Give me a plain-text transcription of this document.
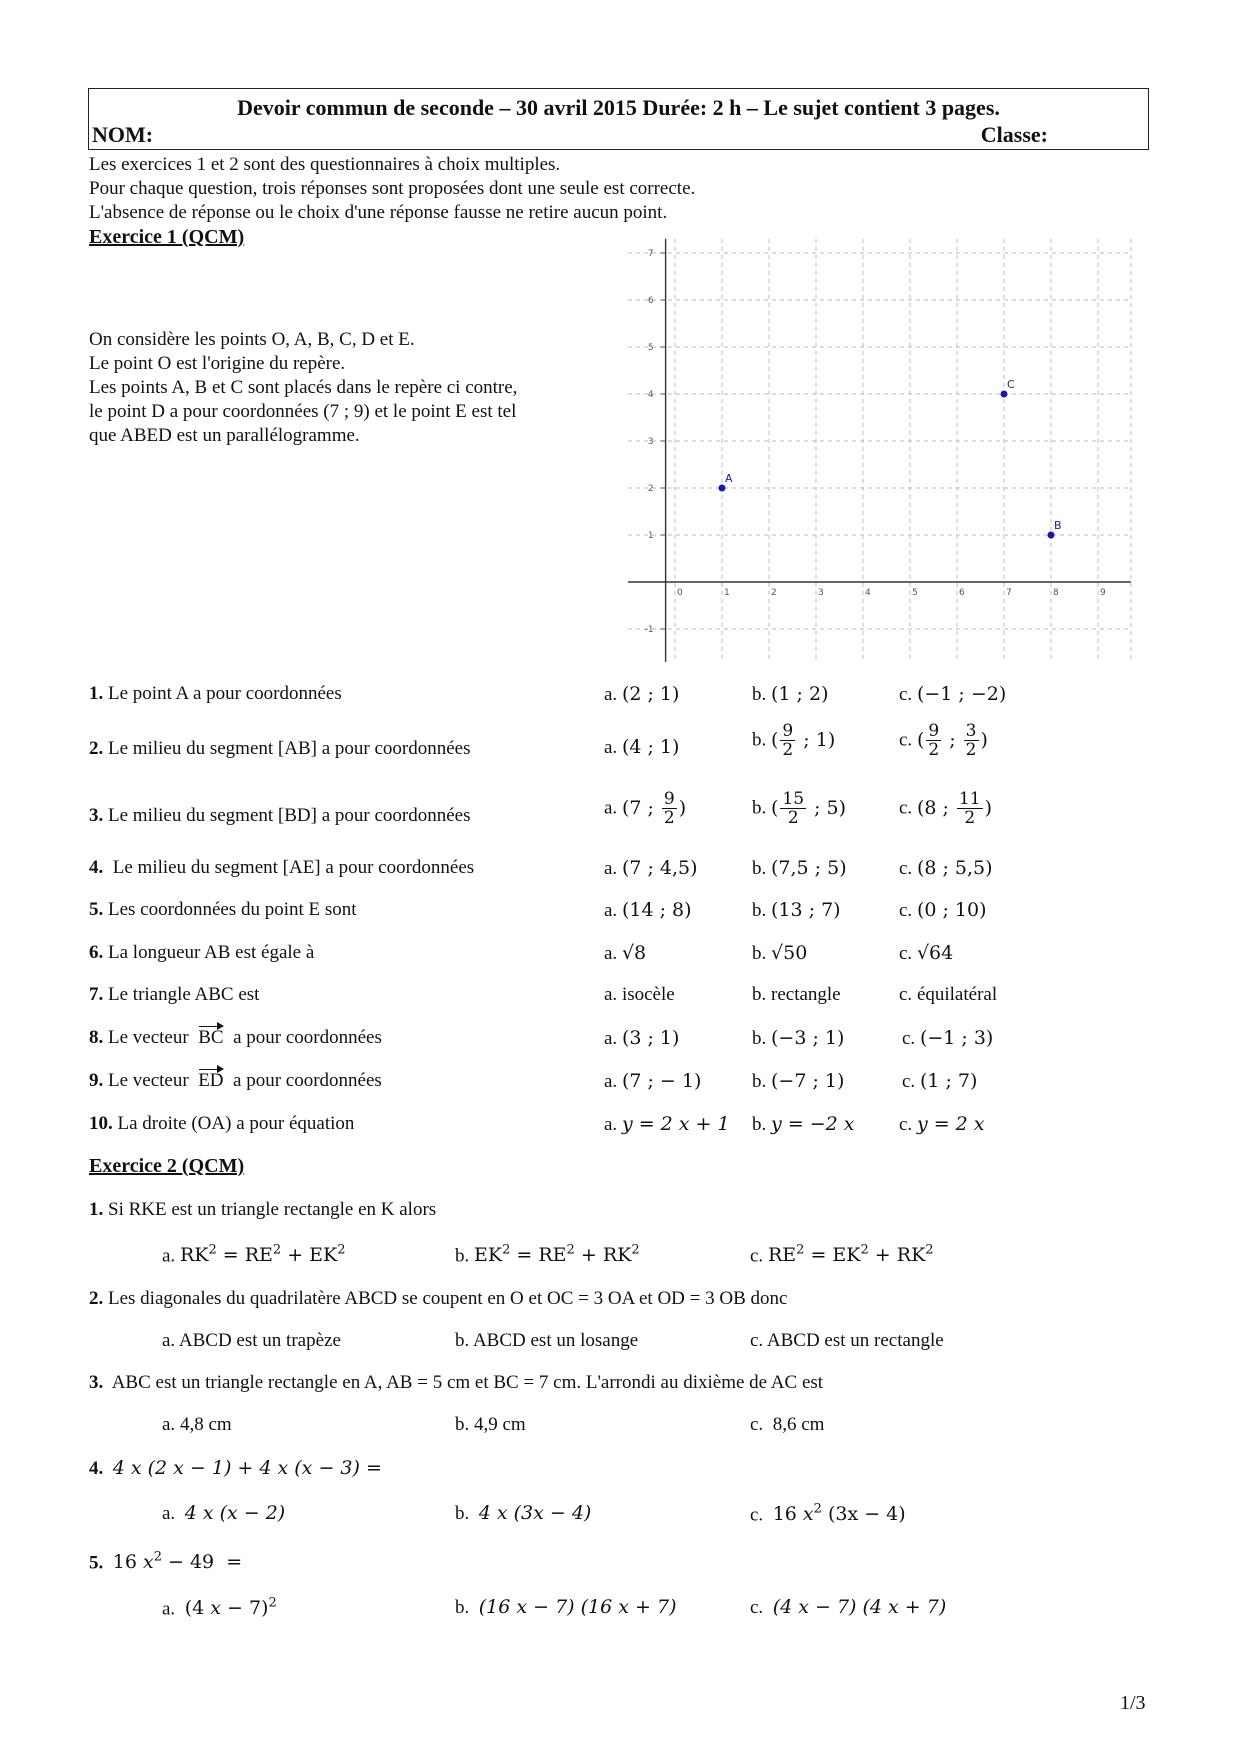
Devoir commun de seconde – 30 avril 2015 Durée: 2 h – Le sujet contient 3 pages.
NOM:	Classe:
Les exercices 1 et 2 sont des questionnaires à choix multiples.
Pour chaque question, trois réponses sont proposées dont une seule est correcte.
L'absence de réponse ou le choix d'une réponse fausse ne retire aucun point.
Exercice 1 (QCM)
On considère les points O, A, B, C, D et E.
Le point O est l'origine du repère.
Les points A, B et C sont placés dans le repère ci contre,
le point D a pour coordonnées (7 ; 9) et le point E est tel
que ABED est un parallélogramme.
0	1	2	3	4	5	6	7	8	9
-1
1
2
3
4
5
6
7
A
B
C
1. Le point A a pour coordonnées	a. (2 ; 1)	b. (1 ; 2)	c. (−1 ; −2)
2. Le milieu du segment [AB] a pour coordonnées	a. (4 ; 1)	b. ( $\frac{9}{2}$ ; 1)	c. ( $\frac{9}{2}$ ; $\frac{3}{2}$ )
3. Le milieu du segment [BD] a pour coordonnées	a. (7 ; $\frac{9}{2}$ )	b. ( $\frac{15}{2}$ ; 5)	c. (8 ; $\frac{11}{2}$ )
4. Le milieu du segment [AE] a pour coordonnées	a. (7 ; 4,5)	b. (7,5 ; 5)	c. (8 ; 5,5)
5. Les coordonnées du point E sont	a. (14 ; 8)	b. (13 ; 7)	c. (0 ; 10)
6. La longueur AB est égale à	a. √8	b. √50	c. √64
7. Le triangle ABC est	a. isocèle	b. rectangle	c. équilatéral
8. Le vecteur BC a pour coordonnées	a. (3 ; 1)	b. (−3 ; 1)	c. (−1 ; 3)
9. Le vecteur ED a pour coordonnées	a. (7 ; − 1)	b. (−7 ; 1)	c. (1 ; 7)
10. La droite (OA) a pour équation	a. y = 2 x + 1 b. y = −2 x c. y = 2 x
Exercice 2 (QCM)
1. Si RKE est un triangle rectangle en K alors
a. $RK^2 = RE^2 + EK^2$	b. $EK^2 = RE^2 + RK^2$	c. $RE^2 = EK^2 + RK^2$
2. Les diagonales du quadrilatère ABCD se coupent en O et OC = 3 OA et OD = 3 OB donc
a. ABCD est un trapèze	b. ABCD est un losange	c. ABCD est un rectangle
3. ABC est un triangle rectangle en A, AB = 5 cm et BC = 7 cm. L'arrondi au dixième de AC est
a. 4,8 cm	b. 4,9 cm	c. 8,6 cm
4. 4 x (2 x − 1) + 4 x (x − 3) =
a. 4 x (x − 2)	b. 4 x (3x − 4)	c. 16 $x^2$ (3x − 4)
5. 16 $x^2 - 49$  =
a. (4 x − 7)$^2$	b. (16 x − 7) (16 x + 7)	c. (4 x − 7) (4 x + 7)
1/3
